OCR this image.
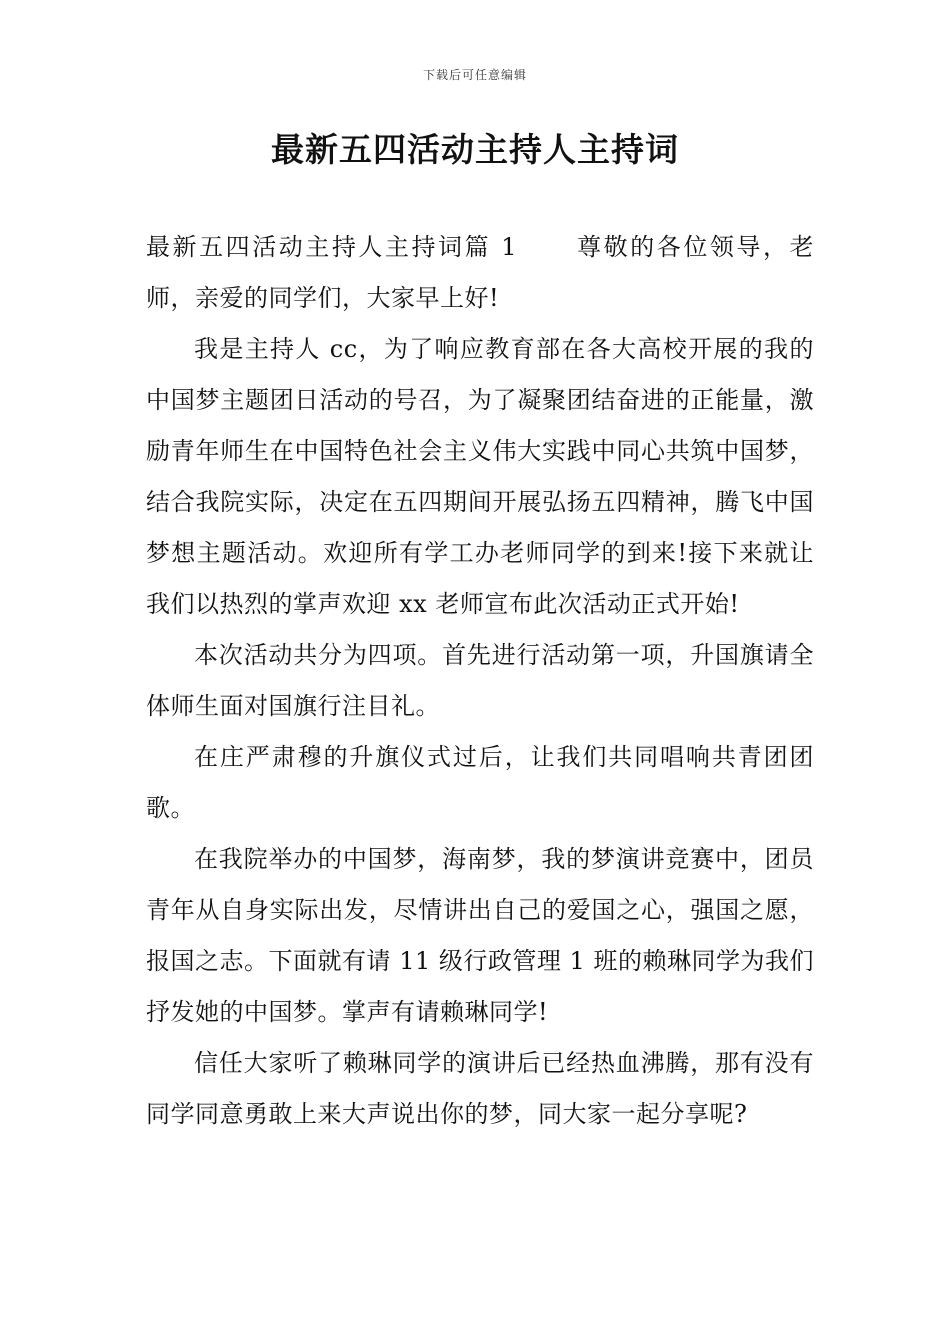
下载后可任意编辑
最新五四活动主持人主持词

最新五四活动主持人主持词篇 1 尊敬的各位领导，老师，亲爱的同学们，大家早上好!

我是主持人 cc，为了响应教育部在各大高校开展的我的中国梦主题团日活动的号召，为了凝聚团结奋进的正能量，激励青年师生在中国特色社会主义伟大实践中同心共筑中国梦，结合我院实际，决定在五四期间开展弘扬五四精神，腾飞中国梦想主题活动。欢迎所有学工办老师同学的到来!接下来就让我们以热烈的掌声欢迎 xx 老师宣布此次活动正式开始!

本次活动共分为四项。首先进行活动第一项，升国旗请全体师生面对国旗行注目礼。

在庄严肃穆的升旗仪式过后，让我们共同唱响共青团团歌。

在我院举办的中国梦，海南梦，我的梦演讲竞赛中，团员青年从自身实际出发，尽情讲出自己的爱国之心，强国之愿，报国之志。下面就有请 11 级行政管理 1 班的赖琳同学为我们抒发她的中国梦。掌声有请赖琳同学!

信任大家听了赖琳同学的演讲后已经热血沸腾，那有没有同学同意勇敢上来大声说出你的梦，同大家一起分享呢?
